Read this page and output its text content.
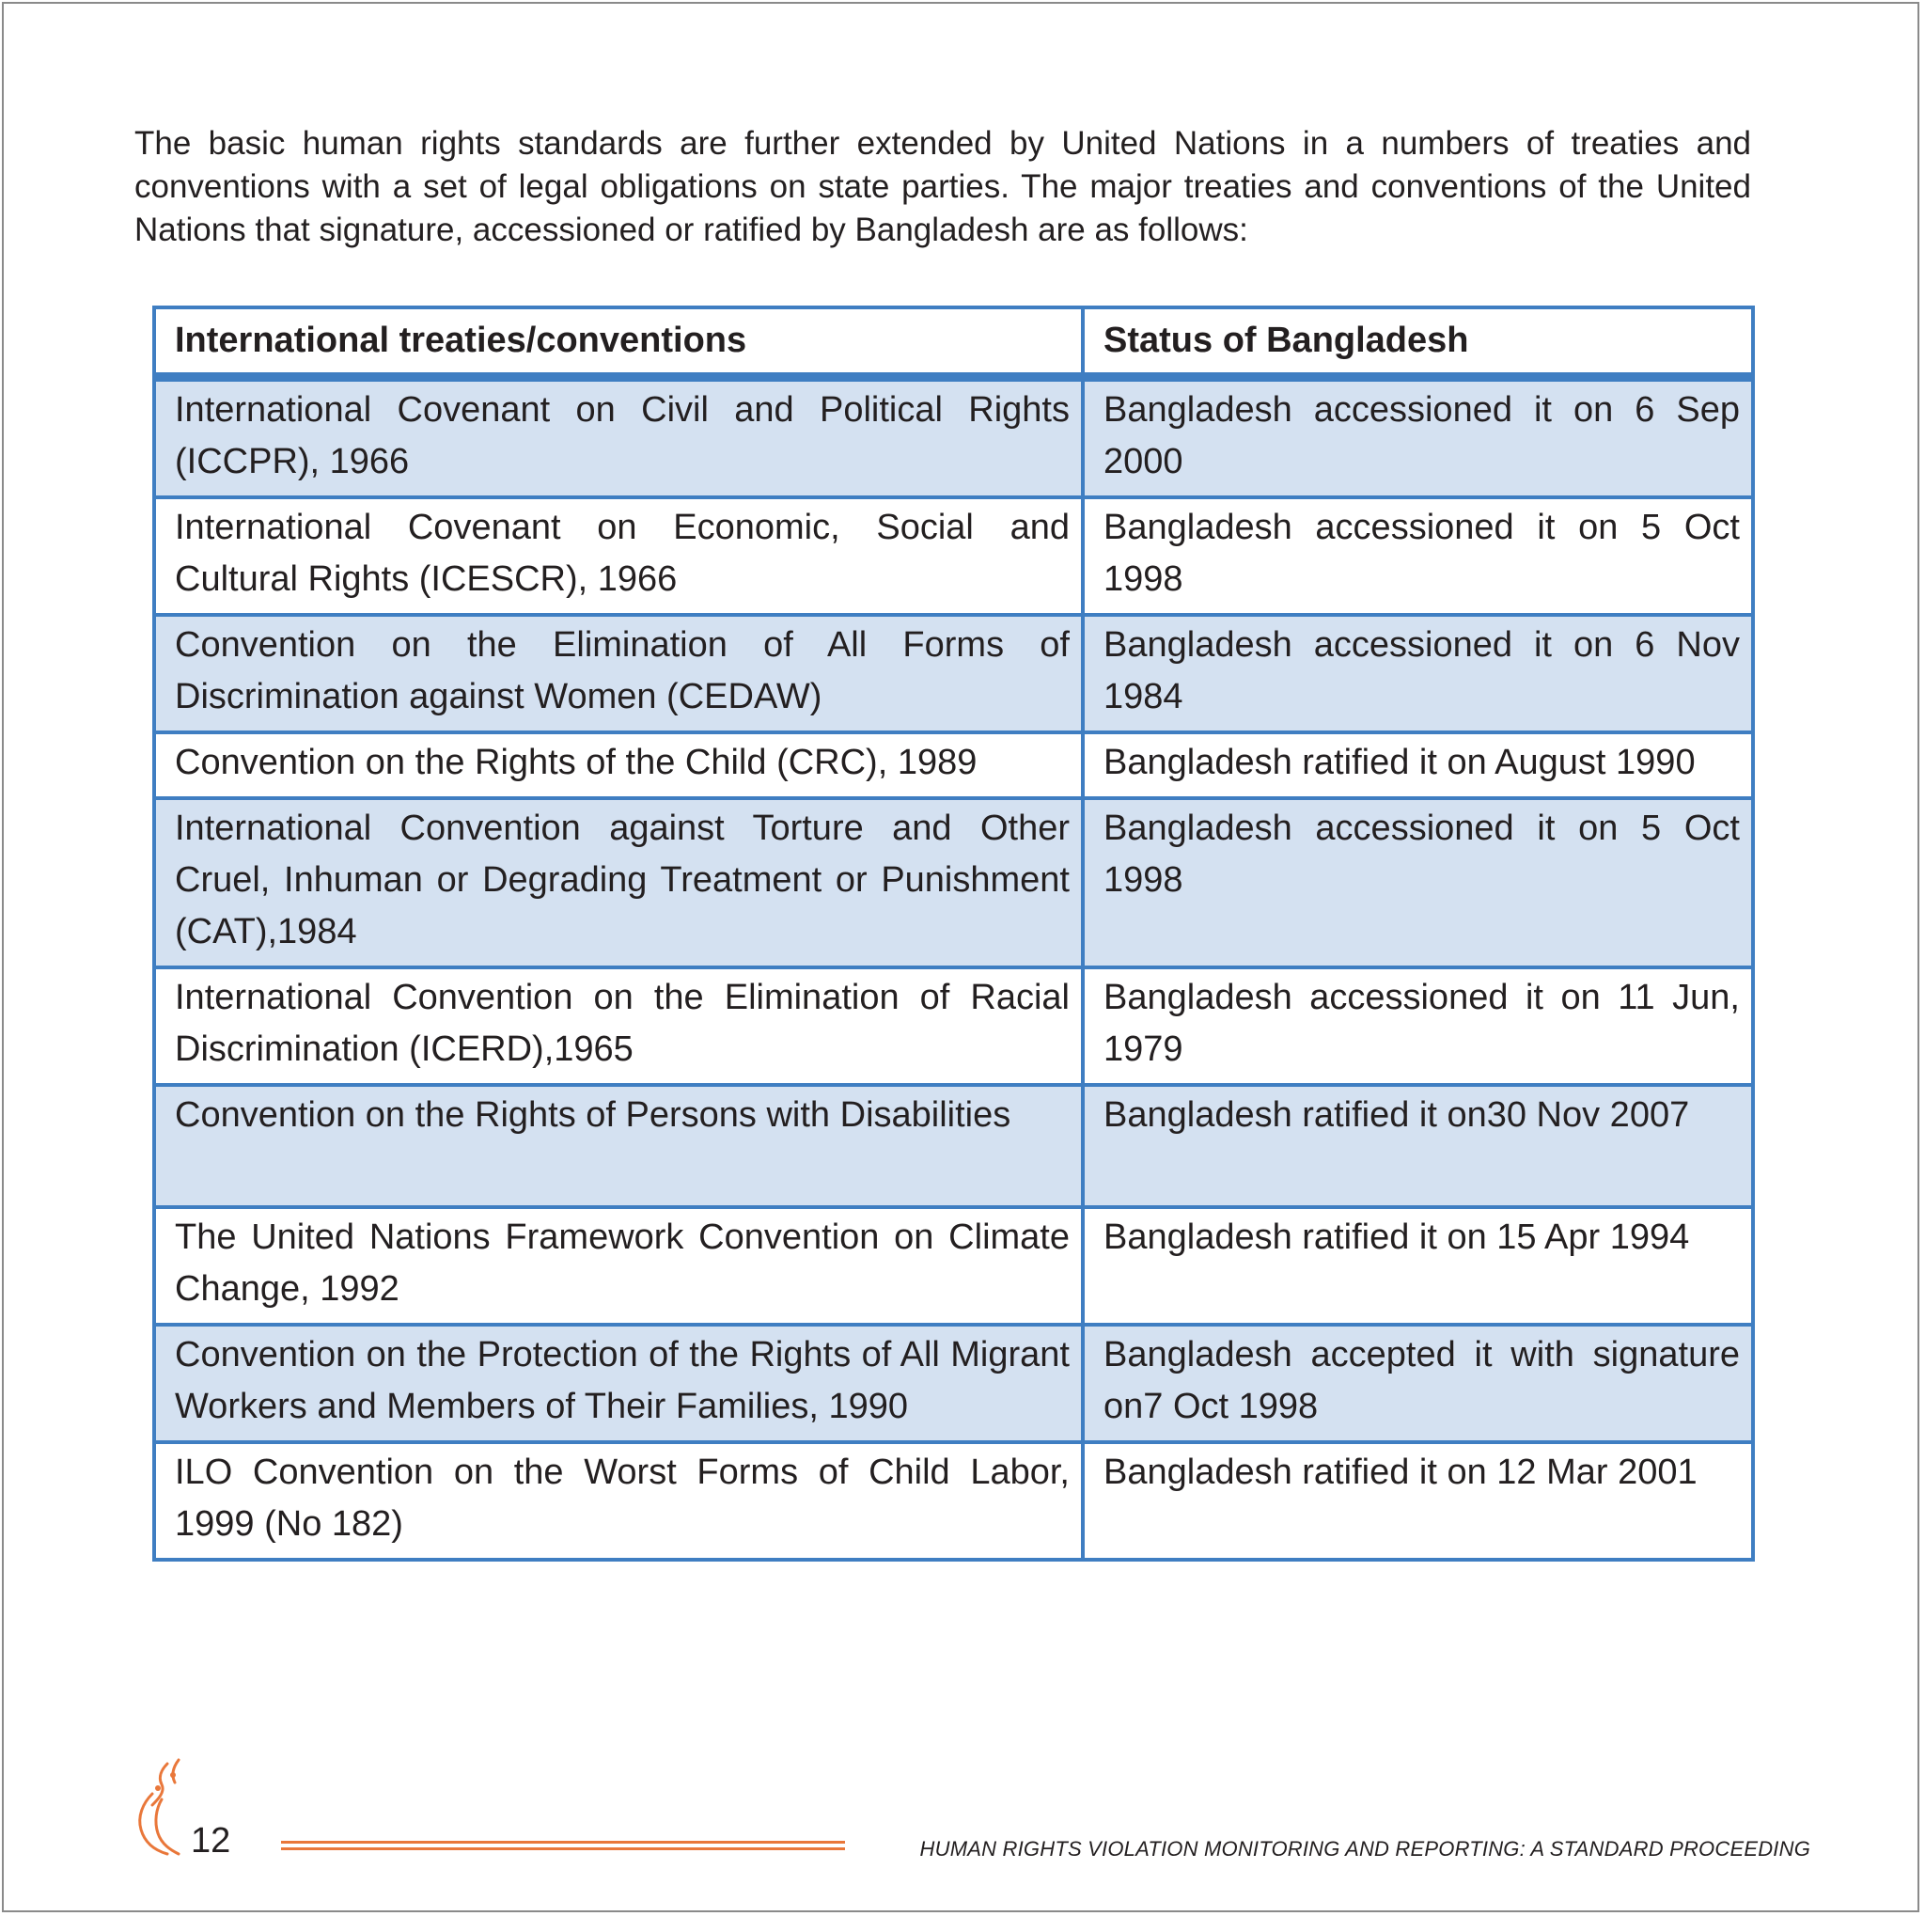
The basic human rights standards are further extended by United Nations in a numbers of treaties and conventions with a set of legal obligations on state parties. The major treaties and conventions of the United Nations that signature, accessioned or ratified by Bangladesh are as follows:

International treaties/conventions	Status of Bangladesh
International Covenant on Civil and Political Rights (ICCPR), 1966	Bangladesh accessioned it on 6 Sep 2000
International Covenant on Economic, Social and Cultural Rights (ICESCR), 1966	Bangladesh accessioned it on 5 Oct 1998
Convention on the Elimination of All Forms of Discrimination against Women (CEDAW)	Bangladesh accessioned it on 6 Nov 1984
Convention on the Rights of the Child (CRC), 1989	Bangladesh ratified it on August 1990
International Convention against Torture and Other Cruel, Inhuman or Degrading Treatment or Punishment (CAT),1984	Bangladesh accessioned it on 5 Oct 1998
International Convention on the Elimination of Racial Discrimination (ICERD),1965	Bangladesh accessioned it on 11 Jun, 1979
Convention on the Rights of Persons with Disabilities	Bangladesh ratified it on30 Nov 2007
The United Nations Framework Convention on Climate Change, 1992	Bangladesh ratified it on 15 Apr 1994
Convention on the Protection of the Rights of All Migrant Workers and Members of Their Families, 1990	Bangladesh accepted it with signature on7 Oct 1998
ILO Convention on the Worst Forms of Child Labor, 1999 (No 182)	Bangladesh ratified it on 12 Mar 2001
12	HUMAN RIGHTS VIOLATION MONITORING AND REPORTING: A STANDARD PROCEEDING
